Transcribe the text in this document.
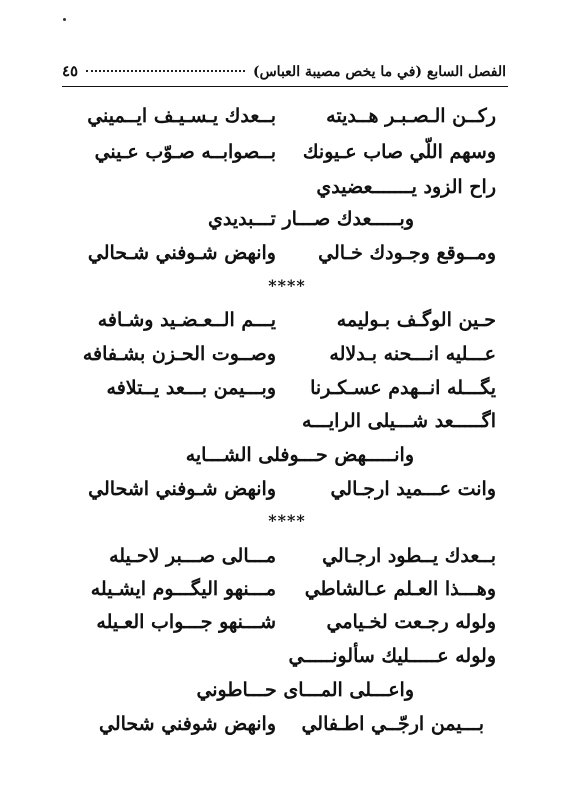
الفصل السابع (في ما يخص مصيبة العباس)
٤٥
ركــن الـصـبـر هــديته
بــعدك يـسـيـف ايــميني
وسهم اللّي صاب عـيونك
بــصوابــه صـوّب عـيني
راح الزود يـــــــعضيدي
وبـــــعدك صـــار تـــبديدي
ومــوقع وجـودك خـالي
وانهض شـوفني شـحالي
****
حـين الوگـف بـوليمه
يـــم الــعـضـيد وشـافه
عـــليه انـــحنه بـدلاله
وصــوت الحـزن بشـفافه
يگـــله انــهدم عسـكـرنا
وبـــيمن بـــعد يــتلافه
اگـــــعد شـــيلى الرايـــه
وانـــــهض حـــوفلى الشـــايه
وانت عـــميد ارجـالي
وانهض شـوفني اشحالي
****
بــعدك يــطود ارجـالي
مـــالى صـــبر لاحـيله
وهـــذا العـلم عـالشاطي
مـــنهو اليگـــوم ايشـيله
ولوله رجـعت لخـيامي
شـــنهو جـــواب العـيله
ولوله عـــــليك سألونـــــي
واعـــلى المـــاى حـــاطوني
بـــيمن ارجّــي اطـفالي
وانهض شوفني شحالي
